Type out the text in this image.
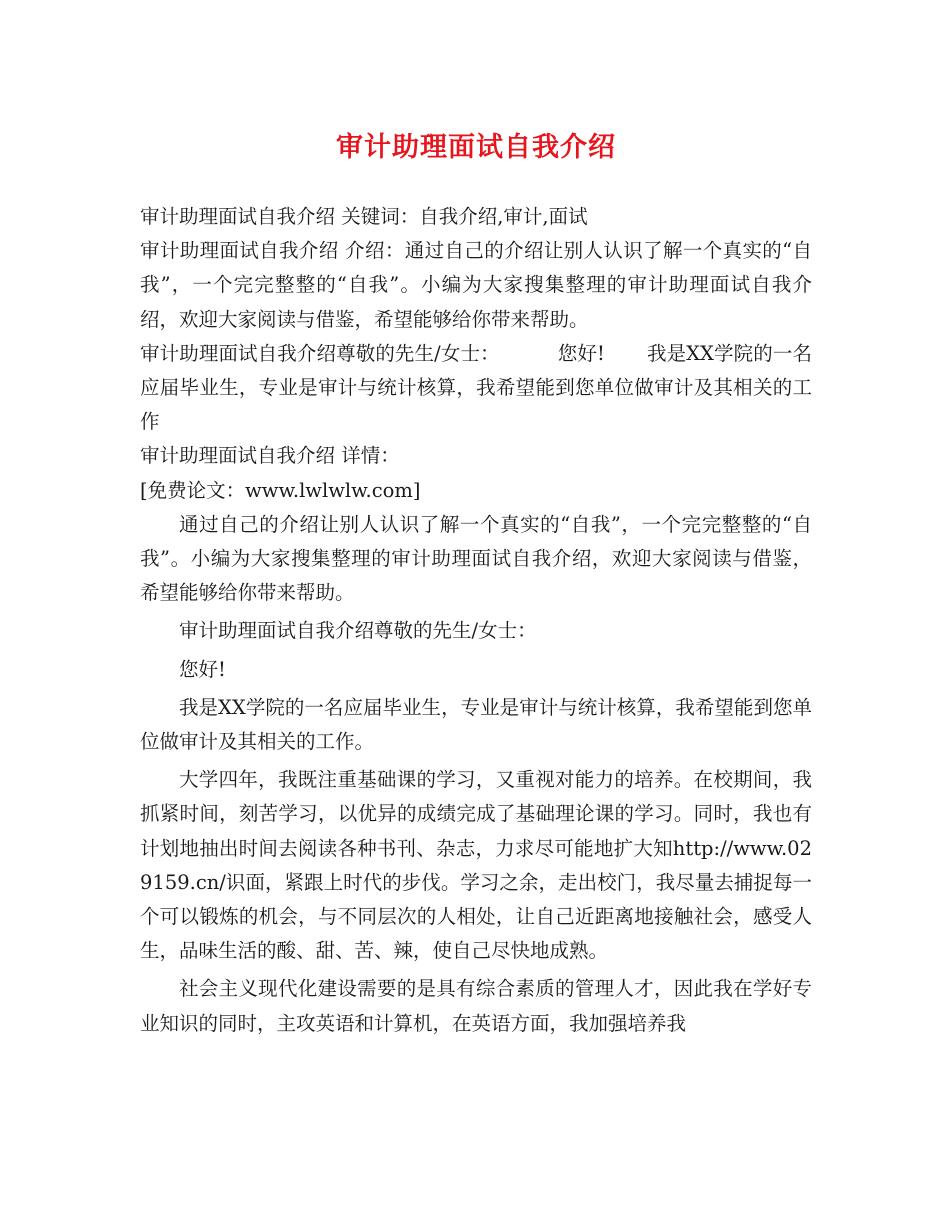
审计助理面试自我介绍

审计助理面试自我介绍 关键词：自我介绍,审计,面试

审计助理面试自我介绍 介绍：通过自己的介绍让别人认识了解一个真实的“自我”，一个完完整整的“自我”。小编为大家搜集整理的审计助理面试自我介绍，欢迎大家阅读与借鉴，希望能够给你带来帮助。

审计助理面试自我介绍尊敬的先生/女士：	您好! 我是XX学院的一名应届毕业生，专业是审计与统计核算，我希望能到您单位做审计及其相关的工作

审计助理面试自我介绍 详情：

[免费论文：www.lwlwlw.com]

通过自己的介绍让别人认识了解一个真实的“自我”，一个完完整整的“自我”。小编为大家搜集整理的审计助理面试自我介绍，欢迎大家阅读与借鉴，希望能够给你带来帮助。

审计助理面试自我介绍尊敬的先生/女士：

您好!

我是XX学院的一名应届毕业生，专业是审计与统计核算，我希望能到您单位做审计及其相关的工作。

大学四年，我既注重基础课的学习，又重视对能力的培养。在校期间，我抓紧时间，刻苦学习，以优异的成绩完成了基础理论课的学习。同时，我也有计划地抽出时间去阅读各种书刊、杂志，力求尽可能地扩大知http://www.029159.cn/识面，紧跟上时代的步伐。学习之余，走出校门，我尽量去捕捉每一个可以锻炼的机会，与不同层次的人相处，让自己近距离地接触社会，感受人生，品味生活的酸、甜、苦、辣，使自己尽快地成熟。

社会主义现代化建设需要的是具有综合素质的管理人才，因此我在学好专业知识的同时，主攻英语和计算机，在英语方面，我加强培养我
